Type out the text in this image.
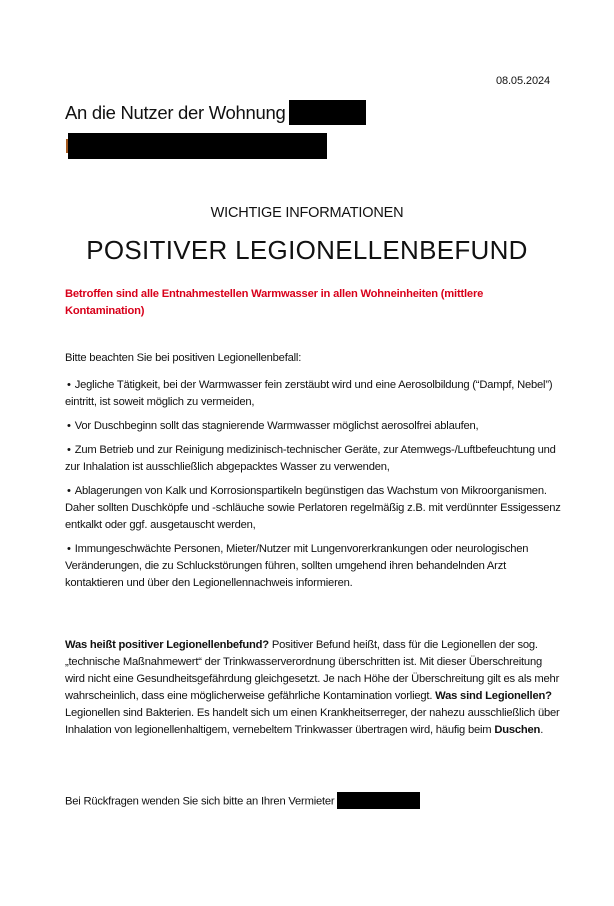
08.05.2024
An die Nutzer der Wohnung
WICHTIGE INFORMATIONEN
POSITIVER LEGIONELLENBEFUND
Betroffen sind alle Entnahmestellen Warmwasser in allen Wohneinheiten (mittlere Kontamination)
Bitte beachten Sie bei positiven Legionellenbefall:
• Jegliche Tätigkeit, bei der Warmwasser fein zerstäubt wird und eine Aerosolbildung (“Dampf, Nebel”) eintritt, ist soweit möglich zu vermeiden,
• Vor Duschbeginn sollt das stagnierende Warmwasser möglichst aerosolfrei ablaufen,
• Zum Betrieb und zur Reinigung medizinisch-technischer Geräte, zur Atemwegs-/Luftbefeuchtung und zur Inhalation ist ausschließlich abgepacktes Wasser zu verwenden,
• Ablagerungen von Kalk und Korrosionspartikeln begünstigen das Wachstum von Mikroorganismen. Daher sollten Duschköpfe und -schläuche sowie Perlatoren regelmäßig z.B. mit verdünnter Essigessenz entkalkt oder ggf. ausgetauscht werden,
• Immungeschwächte Personen, Mieter/Nutzer mit Lungenvorerkrankungen oder neurologischen Veränderungen, die zu Schluckstörungen führen, sollten umgehend ihren behandelnden Arzt kontaktieren und über den Legionellennachweis informieren.
Was heißt positiver Legionellenbefund? Positiver Befund heißt, dass für die Legionellen der sog. „technische Maßnahmewert“ der Trinkwasserverordnung überschritten ist. Mit dieser Überschreitung wird nicht eine Gesundheitsgefährdung gleichgesetzt. Je nach Höhe der Überschreitung gilt es als mehr wahrscheinlich, dass eine möglicherweise gefährliche Kontamination vorliegt. Was sind Legionellen? Legionellen sind Bakterien. Es handelt sich um einen Krankheitserreger, der nahezu ausschließlich über Inhalation von legionellenhaltigem, vernebeltem Trinkwasser übertragen wird, häufig beim Duschen.
Bei Rückfragen wenden Sie sich bitte an Ihren Vermieter
